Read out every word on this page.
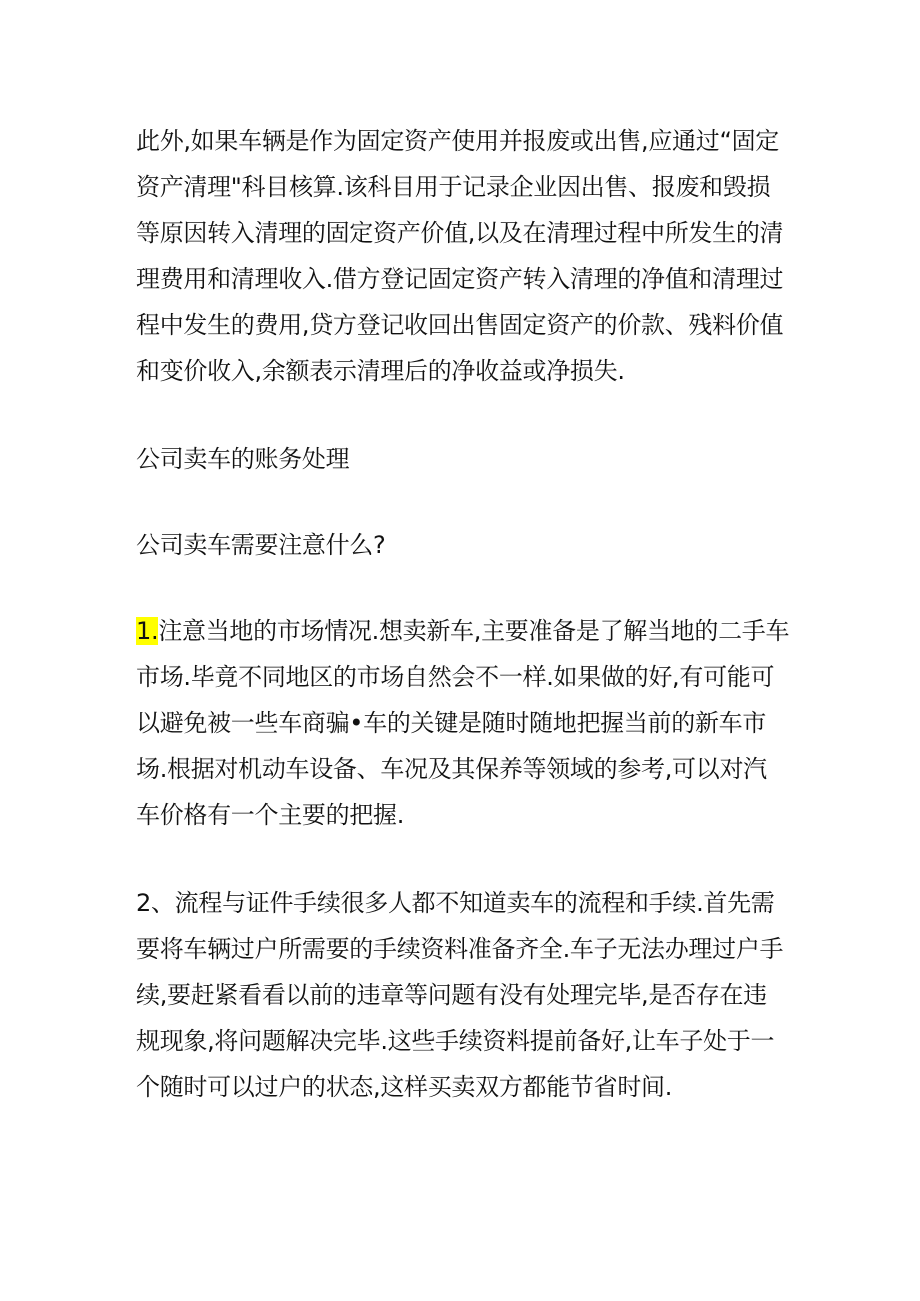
此外,如果车辆是作为固定资产使用并报废或出售,应通过“固定资产清理"科目核算.该科目用于记录企业因出售、报废和毁损等原因转入清理的固定资产价值,以及在清理过程中所发生的清理费用和清理收入.借方登记固定资产转入清理的净值和清理过程中发生的费用,贷方登记收回出售固定资产的价款、残料价值和变价收入,余额表示清理后的净收益或净损失.

公司卖车的账务处理

公司卖车需要注意什么?

1.注意当地的市场情况.想卖新车,主要准备是了解当地的二手车市场.毕竟不同地区的市场自然会不一样.如果做的好,有可能可以避免被一些车商骗•车的关键是随时随地把握当前的新车市场.根据对机动车设备、车况及其保养等领域的参考,可以对汽车价格有一个主要的把握.

2、流程与证件手续很多人都不知道卖车的流程和手续.首先需要将车辆过户所需要的手续资料准备齐全.车子无法办理过户手续,要赶紧看看以前的违章等问题有没有处理完毕,是否存在违规现象,将问题解决完毕.这些手续资料提前备好,让车子处于一个随时可以过户的状态,这样买卖双方都能节省时间.
